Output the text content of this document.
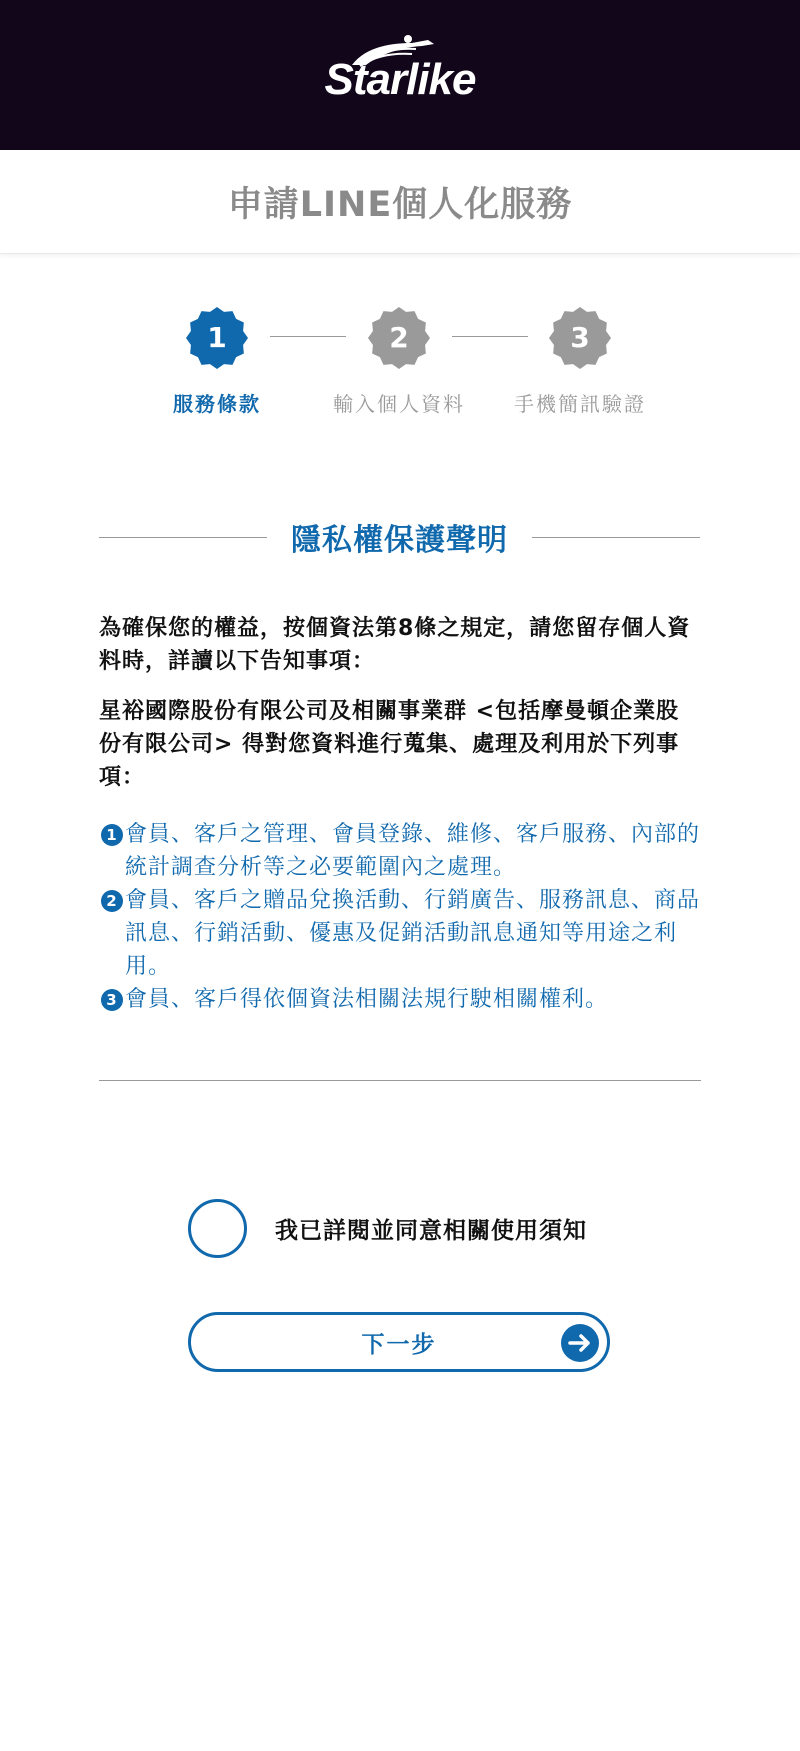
Starlike
申請LINE個人化服務
1
服務條款
2
輸入個人資料
3
手機簡訊驗證
隱私權保護聲明
為確保您的權益，按個資法第8條之規定，請您留存個人資料時，詳讀以下告知事項：
星裕國際股份有限公司及相關事業群 <包括摩曼頓企業股份有限公司> 得對您資料進行蒐集、處理及利用於下列事項：
1 會員、客戶之管理、會員登錄、維修、客戶服務、內部的統計調查分析等之必要範圍內之處理。
2 會員、客戶之贈品兌換活動、行銷廣告、服務訊息、商品訊息、行銷活動、優惠及促銷活動訊息通知等用途之利用。
3 會員、客戶得依個資法相關法規行駛相關權利。
我已詳閱並同意相關使用須知
下一步
